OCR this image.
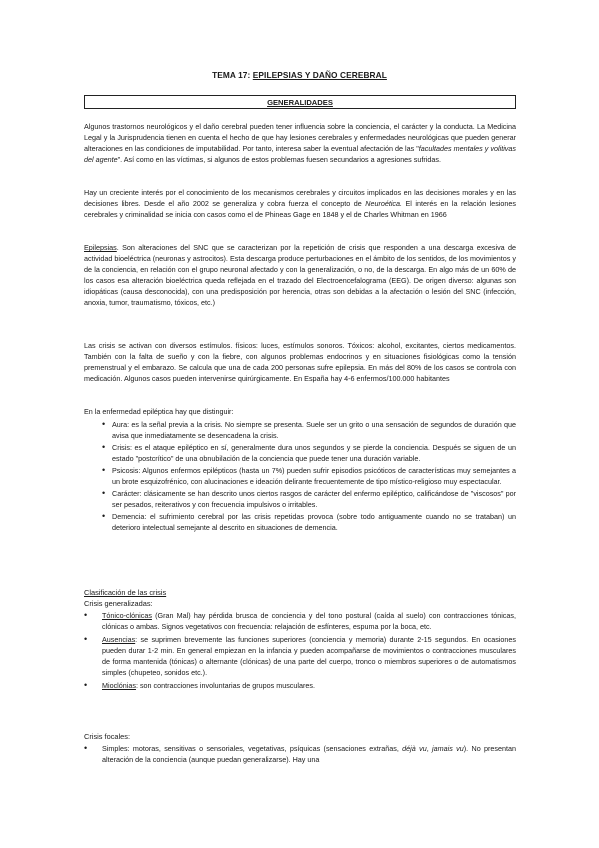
TEMA 17: EPILEPSIAS Y DAÑO CEREBRAL
GENERALIDADES

Algunos trastornos neurológicos y el daño cerebral pueden tener influencia sobre la conciencia, el carácter y la conducta. La Medicina Legal y la Jurisprudencia tienen en cuenta el hecho de que hay lesiones cerebrales y enfermedades neurológicas que pueden generar alteraciones en las condiciones de imputabilidad. Por tanto, interesa saber la eventual afectación de las "facultades mentales y volitivas del agente". Así como en las víctimas, si algunos de estos problemas fuesen secundarios a agresiones sufridas.

Hay un creciente interés por el conocimiento de los mecanismos cerebrales y circuitos implicados en las decisiones morales y en las decisiones libres. Desde el año 2002 se generaliza y cobra fuerza el concepto de Neuroética. El interés en la relación lesiones cerebrales y criminalidad se inicia con casos como el de Phineas Gage en 1848 y el de Charles Whitman en 1966

Epilepsias. Son alteraciones del SNC que se caracterizan por la repetición de crisis que responden a una descarga excesiva de actividad bioeléctrica (neuronas y astrocitos). Esta descarga produce perturbaciones en el ámbito de los sentidos, de los movimientos y de la conciencia, en relación con el grupo neuronal afectado y con la generalización, o no, de la descarga. En algo más de un 60% de los casos esa alteración bioeléctrica queda reflejada en el trazado del Electroencefalograma (EEG). De origen diverso: algunas son idiopáticas (causa desconocida), con una predisposición por herencia, otras son debidas a la afectación o lesión del SNC (infección, anoxia, tumor, traumatismo, tóxicos, etc.)

Las crisis se activan con diversos estímulos. físicos: luces, estímulos sonoros. Tóxicos: alcohol, excitantes, ciertos medicamentos. También con la falta de sueño y con la fiebre, con algunos problemas endocrinos y en situaciones fisiológicas como la tensión premenstrual y el embarazo. Se calcula que una de cada 200 personas sufre epilepsia. En más del 80% de los casos se controla con medicación. Algunos casos pueden intervenirse quirúrgicamente. En España hay 4-6 enfermos/100.000 habitantes

En la enfermedad epiléptica hay que distinguir:

• Aura: es la señal previa a la crisis. No siempre se presenta. Suele ser un grito o una sensación de segundos de duración que avisa que inmediatamente se desencadena la crisis.
• Crisis: es el ataque epiléptico en sí, generalmente dura unos segundos y se pierde la conciencia. Después se siguen de un estado "postcrítico" de una obnubilación de la conciencia que puede tener una duración variable.
• Psicosis: Algunos enfermos epilépticos (hasta un 7%) pueden sufrir episodios psicóticos de características muy semejantes a un brote esquizofrénico, con alucinaciones e ideación delirante frecuentemente de tipo místico-religioso muy espectacular.
• Carácter: clásicamente se han descrito unos ciertos rasgos de carácter del enfermo epiléptico, calificándose de "viscosos" por ser pesados, reiterativos y con frecuencia impulsivos o irritables.
• Demencia: el sufrimiento cerebral por las crisis repetidas provoca (sobre todo antiguamente cuando no se trataban) un deterioro intelectual semejante al descrito en situaciones de demencia.
Clasificación de las crisis
Crisis generalizadas:
• Tónico-clónicas (Gran Mal) hay pérdida brusca de conciencia y del tono postural (caída al suelo) con contracciones tónicas, clónicas o ambas. Signos vegetativos con frecuencia: relajación de esfínteres, espuma por la boca, etc.
• Ausencias: se suprimen brevemente las funciones superiores (conciencia y memoria) durante 2-15 segundos. En ocasiones pueden durar 1-2 min. En general empiezan en la infancia y pueden acompañarse de movimientos o contracciones musculares de forma mantenida (tónicas) o alternante (clónicas) de una parte del cuerpo, tronco o miembros superiores o de automatismos simples (chupeteo, sonidos etc.).
• Mioclónias: son contracciones involuntarias de grupos musculares.
Crisis focales:
• Simples: motoras, sensitivas o sensoriales, vegetativas, psíquicas (sensaciones extrañas, déjà vu, jamais vu). No presentan alteración de la conciencia (aunque puedan generalizarse). Hay una
